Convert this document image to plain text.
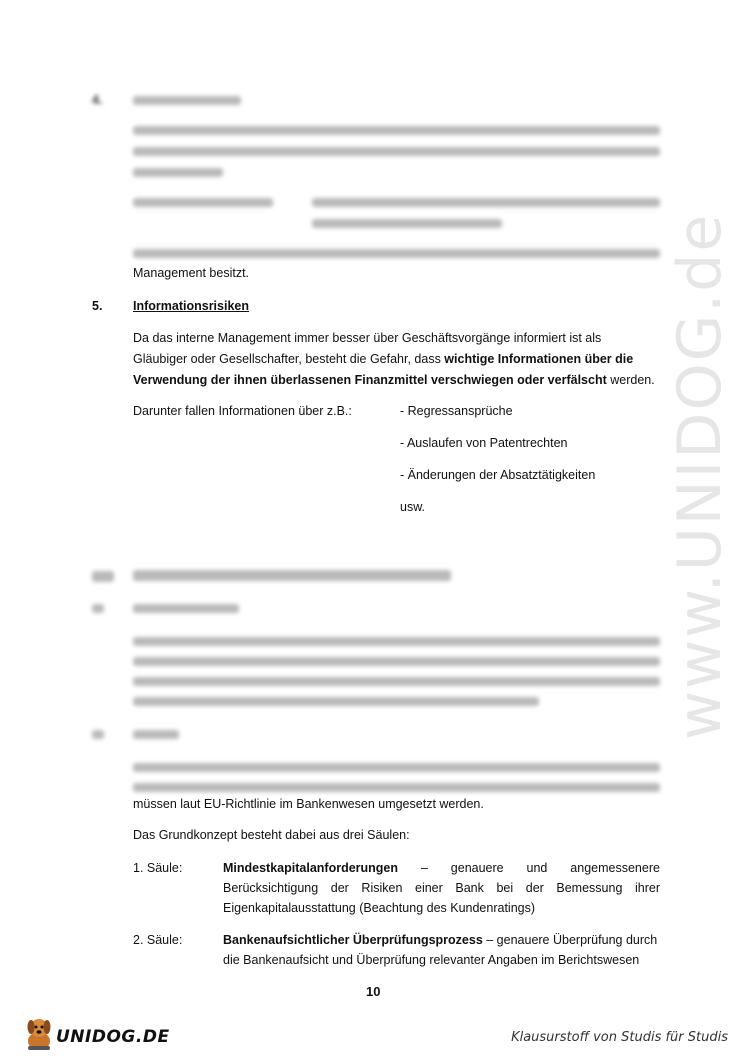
www.UNIDOG.de
4.
Management besitzt.
5. Informationsrisiken
Da das interne Management immer besser über Geschäftsvorgänge informiert ist als
Gläubiger oder Gesellschafter, besteht die Gefahr, dass wichtige Informationen über die
Verwendung der ihnen überlassenen Finanzmittel verschwiegen oder verfälscht werden.
Darunter fallen Informationen über z.B.:	- Regressansprüche
- Auslaufen von Patentrechten
- Änderungen der Absatztätigkeiten
usw.
müssen laut EU-Richtlinie im Bankenwesen umgesetzt werden.
Das Grundkonzept besteht dabei aus drei Säulen:
1. Säule:	Mindestkapitalanforderungen – genauere und angemessenere
Berücksichtigung der Risiken einer Bank bei der Bemessung ihrer
Eigenkapitalausstattung (Beachtung des Kundenratings)
2. Säule:	Bankenaufsichtlicher Überprüfungsprozess – genauere Überprüfung durch
die Bankenaufsicht und Überprüfung relevanter Angaben im Berichtswesen
10
UNIDOG.DE	Klausurstoff von Studis für Studis
